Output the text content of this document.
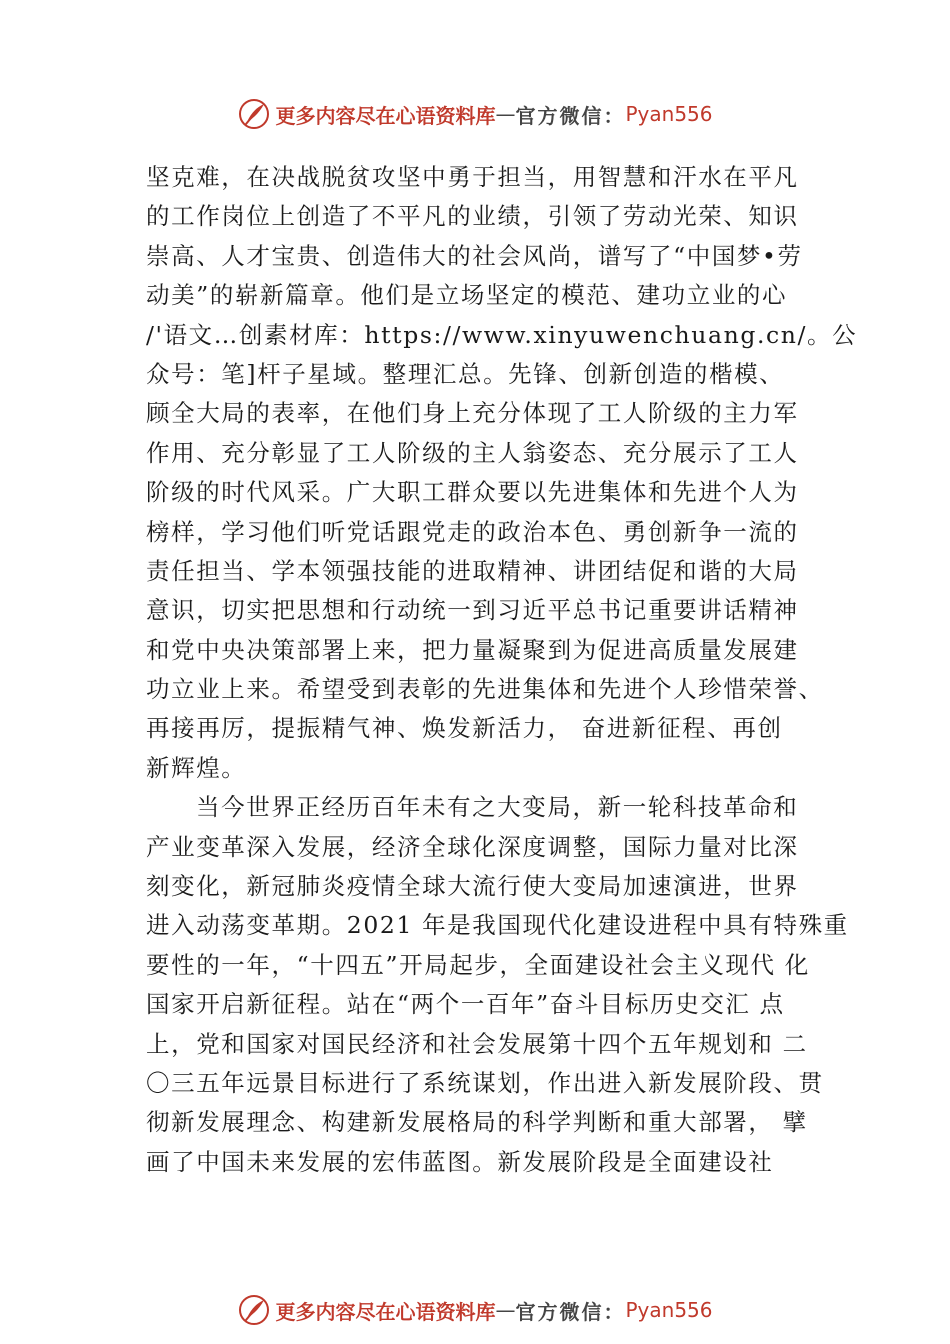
更多内容尽在心语资料库 — 官方微信： Pyan556
坚克难，在决战脱贫攻坚中勇于担当，用智慧和汗水在平凡
的工作岗位上创造了不平凡的业绩，引领了劳动光荣、知识
崇高、人才宝贵、创造伟大的社会风尚，谱写了“中国梦•劳
动美”的崭新篇章。他们是立场坚定的模范、建功立业的心
/'语文…创素材库：https://www.xinyuwenchuang.cn/。公
众号：笔]杆子星域。整理汇总。先锋、创新创造的楷模、
顾全大局的表率，在他们身上充分体现了工人阶级的主力军
作用、充分彰显了工人阶级的主人翁姿态、充分展示了工人
阶级的时代风采。广大职工群众要以先进集体和先进个人为
榜样，学习他们听党话跟党走的政治本色、勇创新争一流的
责任担当、学本领强技能的进取精神、讲团结促和谐的大局
意识，切实把思想和行动统一到习近平总书记重要讲话精神
和党中央决策部署上来，把力量凝聚到为促进高质量发展建
功立业上来。希望受到表彰的先进集体和先进个人珍惜荣誉、
再接再厉，提振精气神、焕发新活力， 奋进新征程、再创
新辉煌。
当今世界正经历百年未有之大变局，新一轮科技革命和
产业变革深入发展，经济全球化深度调整，国际力量对比深
刻变化，新冠肺炎疫情全球大流行使大变局加速演进，世界
进入动荡变革期。2021 年是我国现代化建设进程中具有特殊重
要性的一年，“十四五”开局起步，全面建设社会主义现代 化
国家开启新征程。站在“两个一百年”奋斗目标历史交汇 点
上，党和国家对国民经济和社会发展第十四个五年规划和 二
〇三五年远景目标进行了系统谋划，作出进入新发展阶段、贯
彻新发展理念、构建新发展格局的科学判断和重大部署， 擘
画了中国未来发展的宏伟蓝图。新发展阶段是全面建设社
更多内容尽在心语资料库 — 官方微信： Pyan556
